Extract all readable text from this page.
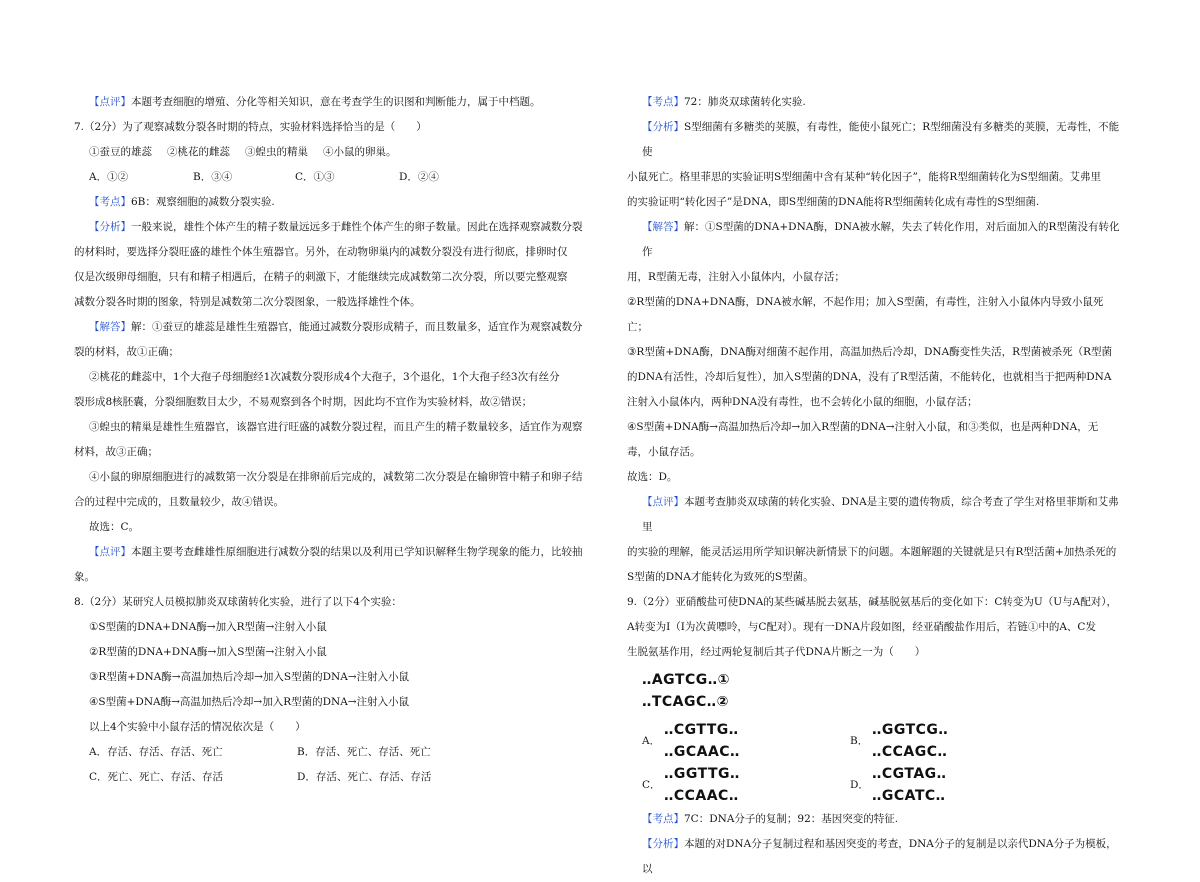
【点评】本题考查细胞的增殖、分化等相关知识，意在考查学生的识图和判断能力，属于中档题。

7.（2分）为了观察减数分裂各时期的特点，实验材料选择恰当的是（　　）

①蚕豆的雄蕊 ②桃花的雌蕊 ③蝗虫的精巢 ④小鼠的卵巢。

A．①②	B．③④	C．①③	D．②④

【考点】6B：观察细胞的减数分裂实验.

【分析】一般来说，雄性个体产生的精子数量远远多于雌性个体产生的卵子数量。因此在选择观察减数分裂

的材料时，要选择分裂旺盛的雄性个体生殖器官。另外，在动物卵巢内的减数分裂没有进行彻底，排卵时仅

仅是次级卵母细胞，只有和精子相遇后，在精子的刺激下，才能继续完成减数第二次分裂，所以要完整观察

减数分裂各时期的图象，特别是减数第二次分裂图象，一般选择雄性个体。

【解答】解：①蚕豆的雄蕊是雄性生殖器官，能通过减数分裂形成精子，而且数量多，适宜作为观察减数分

裂的材料，故①正确；

②桃花的雌蕊中，1个大孢子母细胞经1次减数分裂形成4个大孢子，3个退化，1个大孢子经3次有丝分

裂形成8核胚囊，分裂细胞数目太少，不易观察到各个时期，因此均不宜作为实验材料，故②错误；

③蝗虫的精巢是雄性生殖器官，该器官进行旺盛的减数分裂过程，而且产生的精子数量较多，适宜作为观察

材料，故③正确；

④小鼠的卵原细胞进行的减数第一次分裂是在排卵前后完成的，减数第二次分裂是在输卵管中精子和卵子结

合的过程中完成的，且数量较少，故④错误。

故选：C。

【点评】本题主要考查雌雄性原细胞进行减数分裂的结果以及利用已学知识解释生物学现象的能力，比较抽

象。

8.（2分）某研究人员模拟肺炎双球菌转化实验，进行了以下4个实验：

①S型菌的DNA+DNA酶→加入R型菌→注射入小鼠

②R型菌的DNA+DNA酶→加入S型菌→注射入小鼠

③R型菌+DNA酶→高温加热后冷却→加入S型菌的DNA→注射入小鼠

④S型菌+DNA酶→高温加热后冷却→加入R型菌的DNA→注射入小鼠

以上4个实验中小鼠存活的情况依次是（　　）

A．存活、存活、存活、死亡	B．存活、死亡、存活、死亡

C．死亡、死亡、存活、存活	D．存活、死亡、存活、存活

【考点】72：肺炎双球菌转化实验.

【分析】S型细菌有多糖类的荚膜，有毒性，能使小鼠死亡；R型细菌没有多糖类的荚膜，无毒性，不能使

小鼠死亡。格里菲思的实验证明S型细菌中含有某种“转化因子”，能将R型细菌转化为S型细菌。艾弗里

的实验证明“转化因子”是DNA，即S型细菌的DNA能将R型细菌转化成有毒性的S型细菌.

【解答】解：①S型菌的DNA+DNA酶，DNA被水解，失去了转化作用，对后面加入的R型菌没有转化作

用，R型菌无毒，注射入小鼠体内，小鼠存活；

②R型菌的DNA+DNA酶，DNA被水解，不起作用；加入S型菌，有毒性，注射入小鼠体内导致小鼠死

亡；

③R型菌+DNA酶，DNA酶对细菌不起作用，高温加热后冷却，DNA酶变性失活，R型菌被杀死（R型菌

的DNA有活性，冷却后复性），加入S型菌的DNA，没有了R型活菌，不能转化，也就相当于把两种DNA

注射入小鼠体内，两种DNA没有毒性，也不会转化小鼠的细胞，小鼠存活；

④S型菌+DNA酶→高温加热后冷却→加入R型菌的DNA→注射入小鼠，和③类似，也是两种DNA，无

毒，小鼠存活。

故选：D。

【点评】本题考查肺炎双球菌的转化实验、DNA是主要的遗传物质，综合考查了学生对格里菲斯和艾弗里

的实验的理解，能灵活运用所学知识解决新情景下的问题。本题解题的关键就是只有R型活菌+加热杀死的

S型菌的DNA才能转化为致死的S型菌。

9.（2分）亚硝酸盐可使DNA的某些碱基脱去氨基，碱基脱氨基后的变化如下：C转变为U（U与A配对），

A转变为I（I为次黄嘌呤，与C配对）。现有一DNA片段如图，经亚硝酸盐作用后，若链①中的A、C发

生脱氨基作用，经过两轮复制后其子代DNA片断之一为（　　）

‥AGTCG‥①
‥TCAGC‥②
A．
‥CGTTG‥
‥GCAAC‥
B．
‥GGTCG‥
‥CCAGC‥
C．
‥GGTTG‥
‥CCAAC‥
D．
‥CGTAG‥
‥GCATC‥

【考点】7C：DNA分子的复制；92：基因突变的特征.

【分析】本题的对DNA分子复制过程和基因突变的考查，DNA分子的复制是以亲代DNA分子为模板，以
